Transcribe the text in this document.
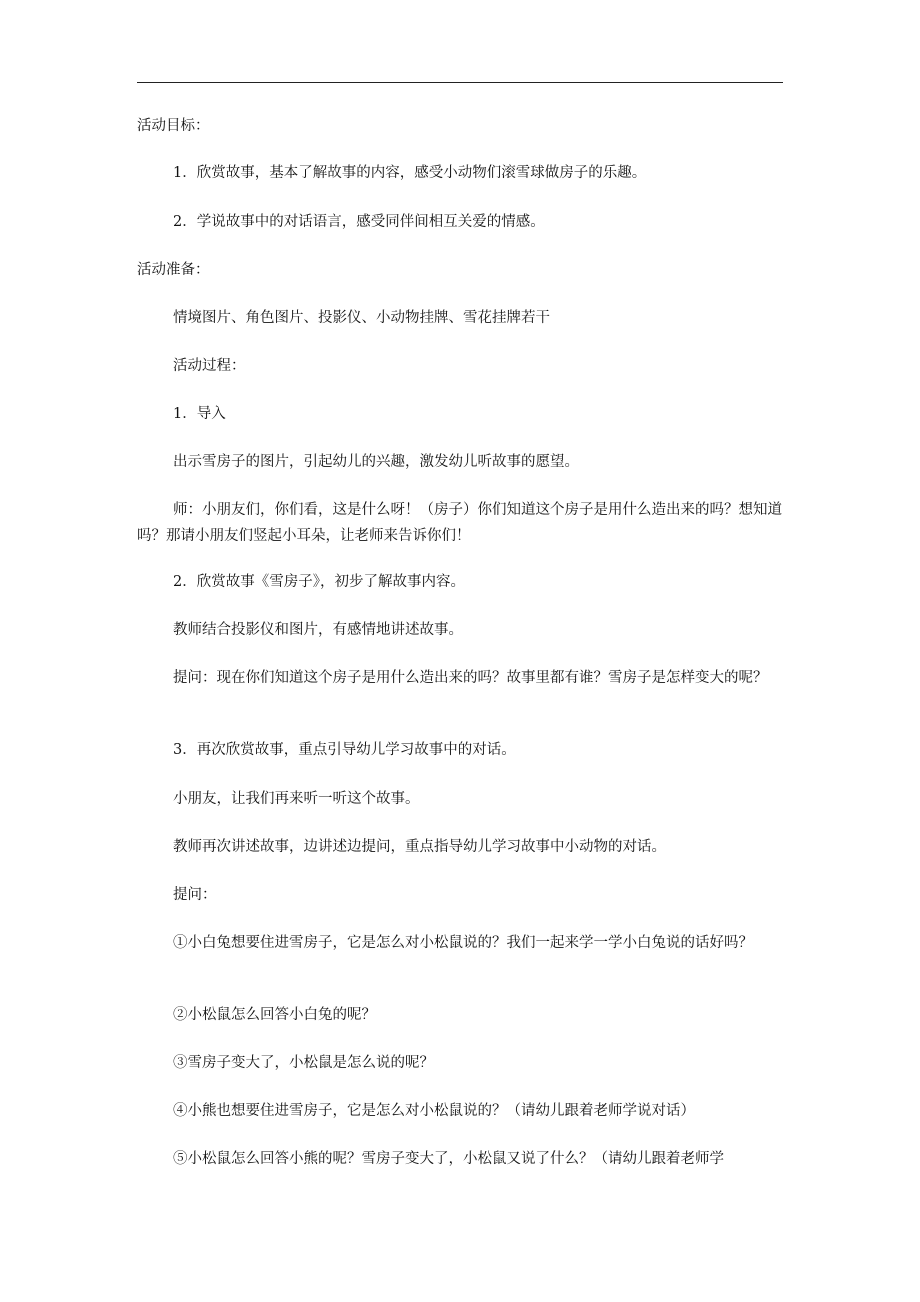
活动目标：
1．欣赏故事，基本了解故事的内容，感受小动物们滚雪球做房子的乐趣。
2．学说故事中的对话语言，感受同伴间相互关爱的情感。
活动准备：
情境图片、角色图片、投影仪、小动物挂牌、雪花挂牌若干
活动过程：
1．导入
出示雪房子的图片，引起幼儿的兴趣，激发幼儿听故事的愿望。
师：小朋友们，你们看，这是什么呀！（房子）你们知道这个房子是用什么造出来的吗？想知道吗？那请小朋友们竖起小耳朵，让老师来告诉你们！
2．欣赏故事《雪房子》，初步了解故事内容。
教师结合投影仪和图片，有感情地讲述故事。
提问：现在你们知道这个房子是用什么造出来的吗？故事里都有谁？雪房子是怎样变大的呢？
3．再次欣赏故事，重点引导幼儿学习故事中的对话。
小朋友，让我们再来听一听这个故事。
教师再次讲述故事，边讲述边提问，重点指导幼儿学习故事中小动物的对话。
提问：
①小白兔想要住进雪房子，它是怎么对小松鼠说的？我们一起来学一学小白兔说的话好吗？
②小松鼠怎么回答小白兔的呢？
③雪房子变大了，小松鼠是怎么说的呢？
④小熊也想要住进雪房子，它是怎么对小松鼠说的？（请幼儿跟着老师学说对话）
⑤小松鼠怎么回答小熊的呢？雪房子变大了，小松鼠又说了什么？（请幼儿跟着老师学
